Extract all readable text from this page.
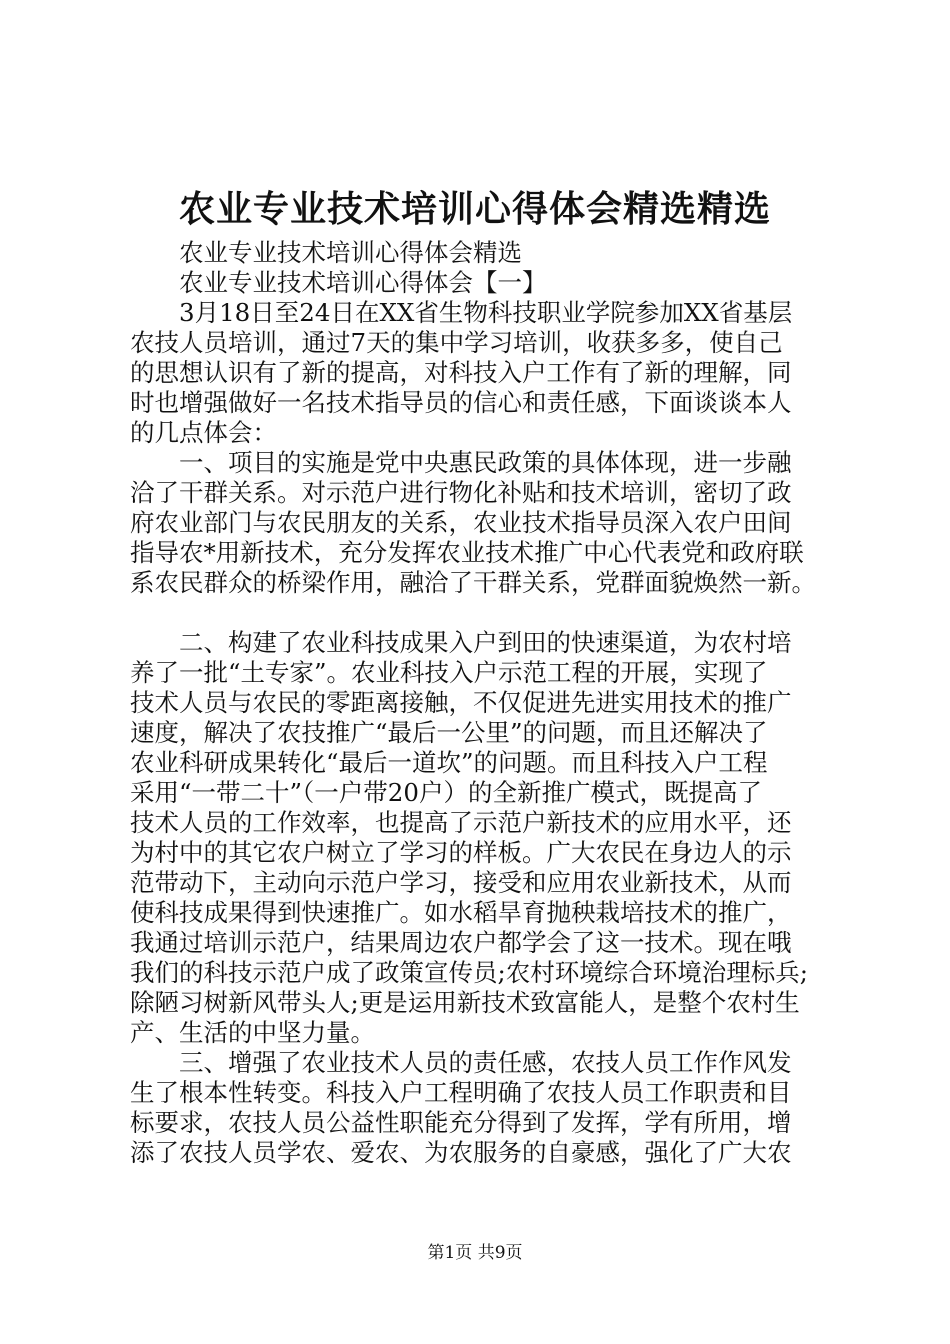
农业专业技术培训心得体会精选精选
农业专业技术培训心得体会精选
农业专业技术培训心得体会【一】
3月18日至24日在XX省生物科技职业学院参加XX省基层
农技人员培训，通过7天的集中学习培训，收获多多，使自己
的思想认识有了新的提高，对科技入户工作有了新的理解，同
时也增强做好一名技术指导员的信心和责任感，下面谈谈本人
的几点体会：
一、项目的实施是党中央惠民政策的具体体现，进一步融
洽了干群关系。对示范户进行物化补贴和技术培训，密切了政
府农业部门与农民朋友的关系，农业技术指导员深入农户田间
指导农*用新技术，充分发挥农业技术推广中心代表党和政府联
系农民群众的桥梁作用，融洽了干群关系，党群面貌焕然一新。
二、构建了农业科技成果入户到田的快速渠道，为农村培
养了一批“土专家”。农业科技入户示范工程的开展，实现了
技术人员与农民的零距离接触，不仅促进先进实用技术的推广
速度，解决了农技推广“最后一公里”的问题，而且还解决了
农业科研成果转化“最后一道坎”的问题。而且科技入户工程
采用“一带二十”（一户带20户）的全新推广模式，既提高了
技术人员的工作效率，也提高了示范户新技术的应用水平，还
为村中的其它农户树立了学习的样板。广大农民在身边人的示
范带动下，主动向示范户学习，接受和应用农业新技术，从而
使科技成果得到快速推广。如水稻旱育抛秧栽培技术的推广，
我通过培训示范户，结果周边农户都学会了这一技术。现在哦
我们的科技示范户成了政策宣传员;农村环境综合环境治理标兵;
除陋习树新风带头人;更是运用新技术致富能人，是整个农村生
产、生活的中坚力量。
三、增强了农业技术人员的责任感，农技人员工作作风发
生了根本性转变。科技入户工程明确了农技人员工作职责和目
标要求，农技人员公益性职能充分得到了发挥，学有所用，增
添了农技人员学农、爱农、为农服务的自豪感，强化了广大农
第1页 共9页
